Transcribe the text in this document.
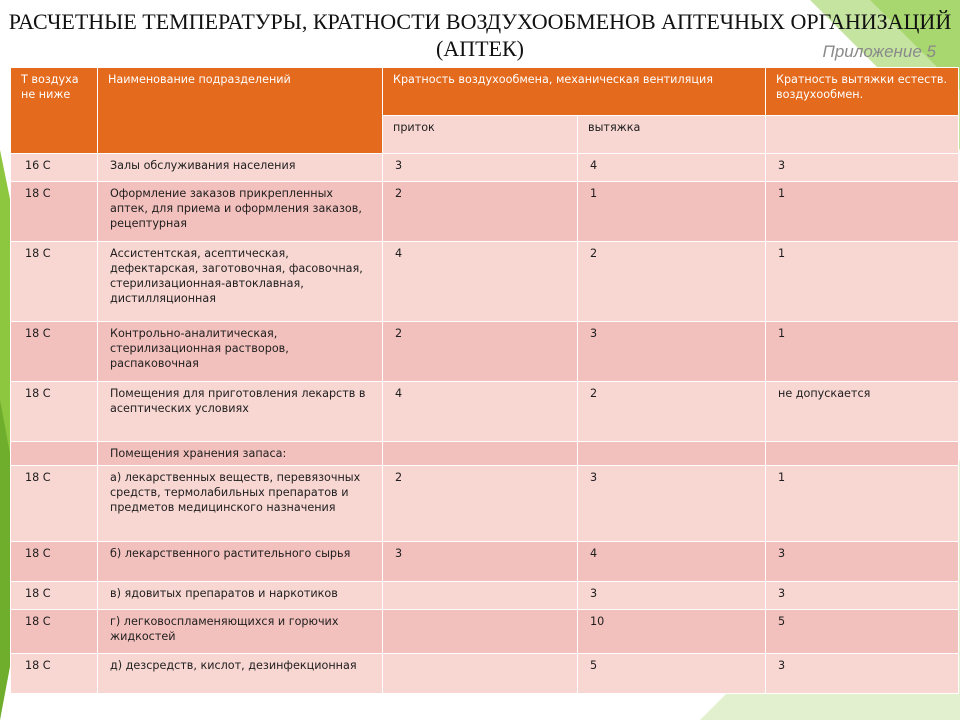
РАСЧЕТНЫЕ ТЕМПЕРАТУРЫ, КРАТНОСТИ ВОЗДУХООБМЕНОВ АПТЕЧНЫХ ОРГАНИЗАЦИЙ
(АПТЕК)	Приложение 5
Т воздуха не ниже	Наименование подразделений	Кратность воздухообмена, механическая вентиляция		Кратность вытяжки естеств. воздухообмен.
		приток	вытяжка	
16 С	Залы обслуживания населения	3	4	3
18 С	Оформление заказов прикрепленных аптек, для приема и оформления заказов, рецептурная	2	1	1
18 С	Ассистентская, асептическая, дефектарская, заготовочная, фасовочная, стерилизационная-автоклавная, дистилляционная	4	2	1
18 С	Контрольно-аналитическая, стерилизационная растворов, распаковочная	2	3	1
18 С	Помещения для приготовления лекарств в асептических условиях	4	2	не допускается
	Помещения хранения запаса:			
18 С	а) лекарственных веществ, перевязочных средств, термолабильных препаратов и предметов медицинского назначения	2	3	1
18 С	б) лекарственного растительного сырья	3	4	3
18 С	в) ядовитых препаратов и наркотиков		3	3
18 С	г) легковоспламеняющихся и горючих жидкостей		10	5
18 С	д) дезсредств, кислот, дезинфекционная		5	3
